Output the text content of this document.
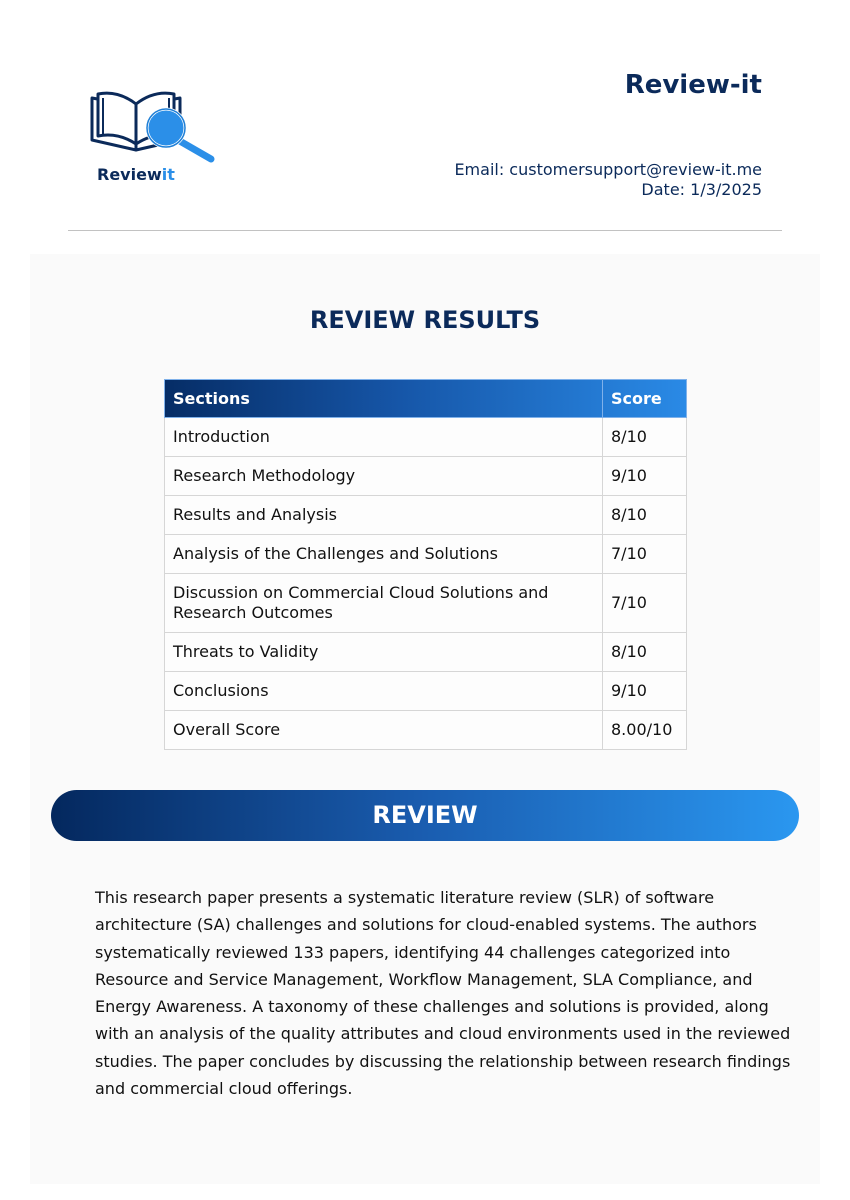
Reviewit
Review-it
Email: customersupport@review-it.me
Date: 1/3/2025
REVIEW RESULTS
Sections	Score
Introduction	8/10
Research Methodology	9/10
Results and Analysis	8/10
Analysis of the Challenges and Solutions	7/10
Discussion on Commercial Cloud Solutions and Research Outcomes	7/10
Threats to Validity	8/10
Conclusions	9/10
Overall Score	8.00/10
REVIEW

This research paper presents a systematic literature review (SLR) of software architecture (SA) challenges and solutions for cloud-enabled systems. The authors systematically reviewed 133 papers, identifying 44 challenges categorized into Resource and Service Management, Workflow Management, SLA Compliance, and Energy Awareness. A taxonomy of these challenges and solutions is provided, along with an analysis of the quality attributes and cloud environments used in the reviewed studies. The paper concludes by discussing the relationship between research findings and commercial cloud offerings.
